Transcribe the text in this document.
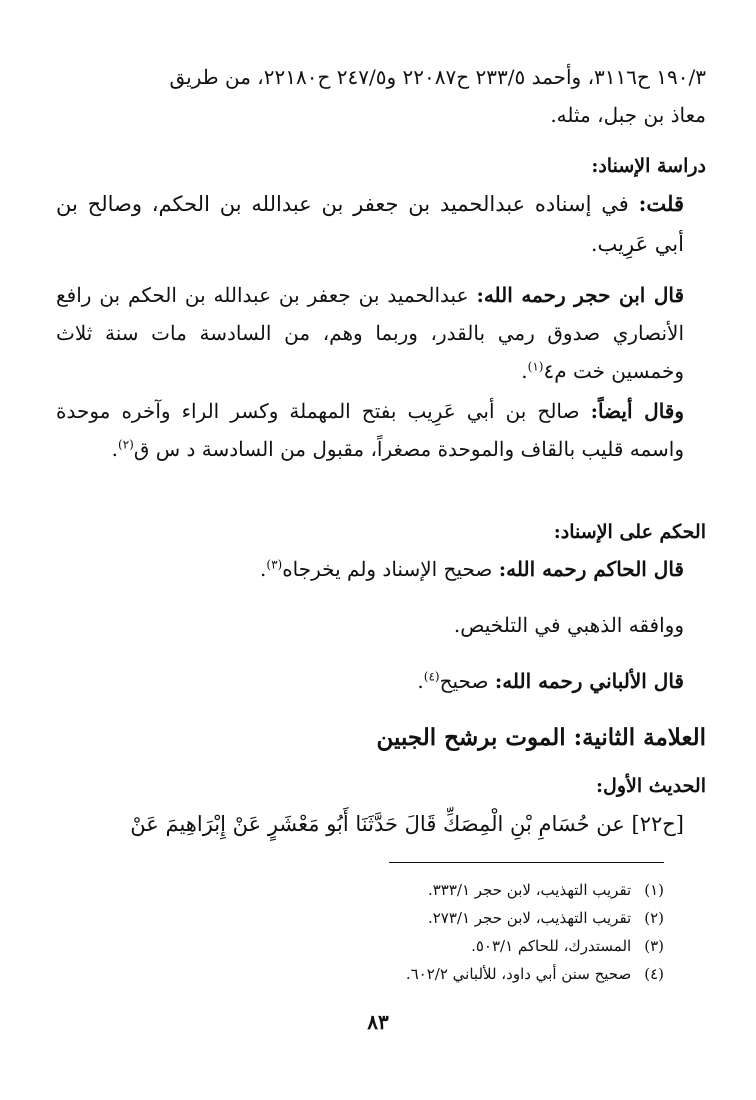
١٩٠/٣ ح٣١١٦، وأحمد ٢٣٣/٥ ح٢٢٠٨٧ و٢٤٧/٥ ح٢٢١٨٠، من طريق

معاذ بن جبل، مثله.

دراسة الإسناد:

قلت: في إسناده عبدالحميد بن جعفر بن عبدالله بن الحكم، وصالح بن أبي عَرِيب.

قال ابن حجر رحمه الله: عبدالحميد بن جعفر بن عبدالله بن الحكم بن رافع الأنصاري صدوق رمي بالقدر، وربما وهم، من السادسة مات سنة ثلاث وخمسين خت م٤$^{(١)}$.

وقال أيضاً: صالح بن أبي عَرِيب بفتح المهملة وكسر الراء وآخره موحدة واسمه قليب بالقاف والموحدة مصغراً، مقبول من السادسة د س ق$^{(٢)}$.

الحكم على الإسناد:

قال الحاكم رحمه الله: صحيح الإسناد ولم يخرجاه$^{(٣)}$.

ووافقه الذهبي في التلخيص.

قال الألباني رحمه الله: صحيح$^{(٤)}$.

العلامة الثانية: الموت برشح الجبين

الحديث الأول:

[ح٢٢] عن حُسَامِ بْنِ الْمِصَكِّ قَالَ حَدَّثَنَا أَبُو مَعْشَرٍ عَنْ إِبْرَاهِيمَ عَنْ

(١) تقريب التهذيب، لابن حجر ٣٣٣/١.
(٢) تقريب التهذيب، لابن حجر ٢٧٣/١.
(٣) المستدرك، للحاكم ٥٠٣/١.
(٤) صحيح سنن أبي داود، للألباني ٦٠٢/٢.
٨٣
